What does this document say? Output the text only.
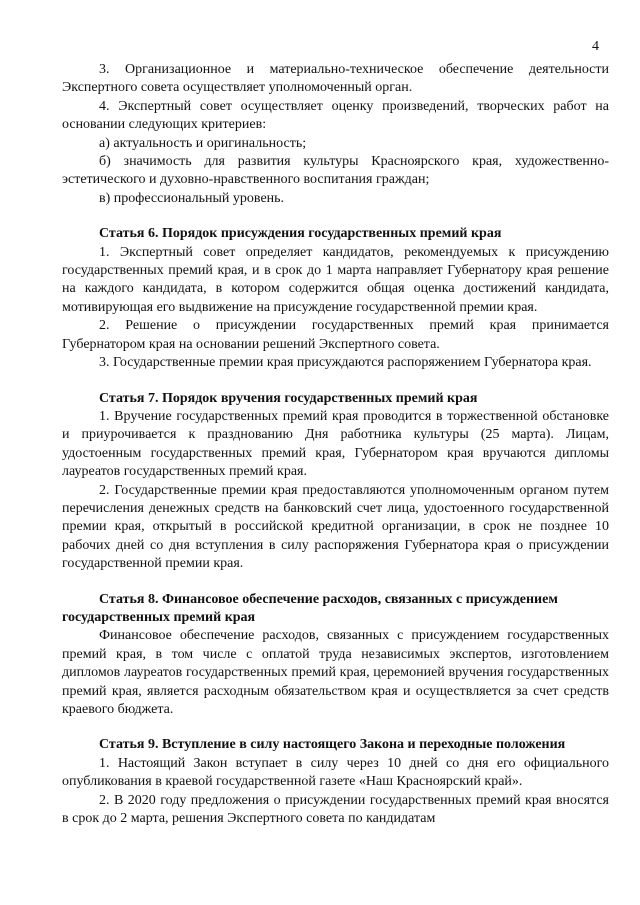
4

3. Организационное и материально-техническое обеспечение деятельности Экспертного совета осуществляет уполномоченный орган.

4. Экспертный совет осуществляет оценку произведений, творческих работ на основании следующих критериев:

а) актуальность и оригинальность;

б) значимость для развития культуры Красноярского края, художественно-эстетического и духовно-нравственного воспитания граждан;

в) профессиональный уровень.

Статья 6. Порядок присуждения государственных премий края

1. Экспертный совет определяет кандидатов, рекомендуемых к присуждению государственных премий края, и в срок до 1 марта направляет Губернатору края решение на каждого кандидата, в котором содержится общая оценка достижений кандидата, мотивирующая его выдвижение на присуждение государственной премии края.

2. Решение о присуждении государственных премий края принимается Губернатором края на основании решений Экспертного совета.

3. Государственные премии края присуждаются распоряжением Губернатора края.

Статья 7. Порядок вручения государственных премий края

1. Вручение государственных премий края проводится в торжественной обстановке и приурочивается к празднованию Дня работника культуры (25 марта). Лицам, удостоенным государственных премий края, Губернатором края вручаются дипломы лауреатов государственных премий края.

2. Государственные премии края предоставляются уполномоченным органом путем перечисления денежных средств на банковский счет лица, удостоенного государственной премии края, открытый в российской кредитной организации, в срок не позднее 10 рабочих дней со дня вступления в силу распоряжения Губернатора края о присуждении государственной премии края.

Статья 8. Финансовое обеспечение расходов, связанных с присуждением
государственных премий края

Финансовое обеспечение расходов, связанных с присуждением государственных премий края, в том числе с оплатой труда независимых экспертов, изготовлением дипломов лауреатов государственных премий края, церемонией вручения государственных премий края, является расходным обязательством края и осуществляется за счет средств краевого бюджета.

Статья 9. Вступление в силу настоящего Закона и переходные положения

1. Настоящий Закон вступает в силу через 10 дней со дня его официального опубликования в краевой государственной газете «Наш Красноярский край».

2. В 2020 году предложения о присуждении государственных премий края вносятся в срок до 2 марта, решения Экспертного совета по кандидатам
